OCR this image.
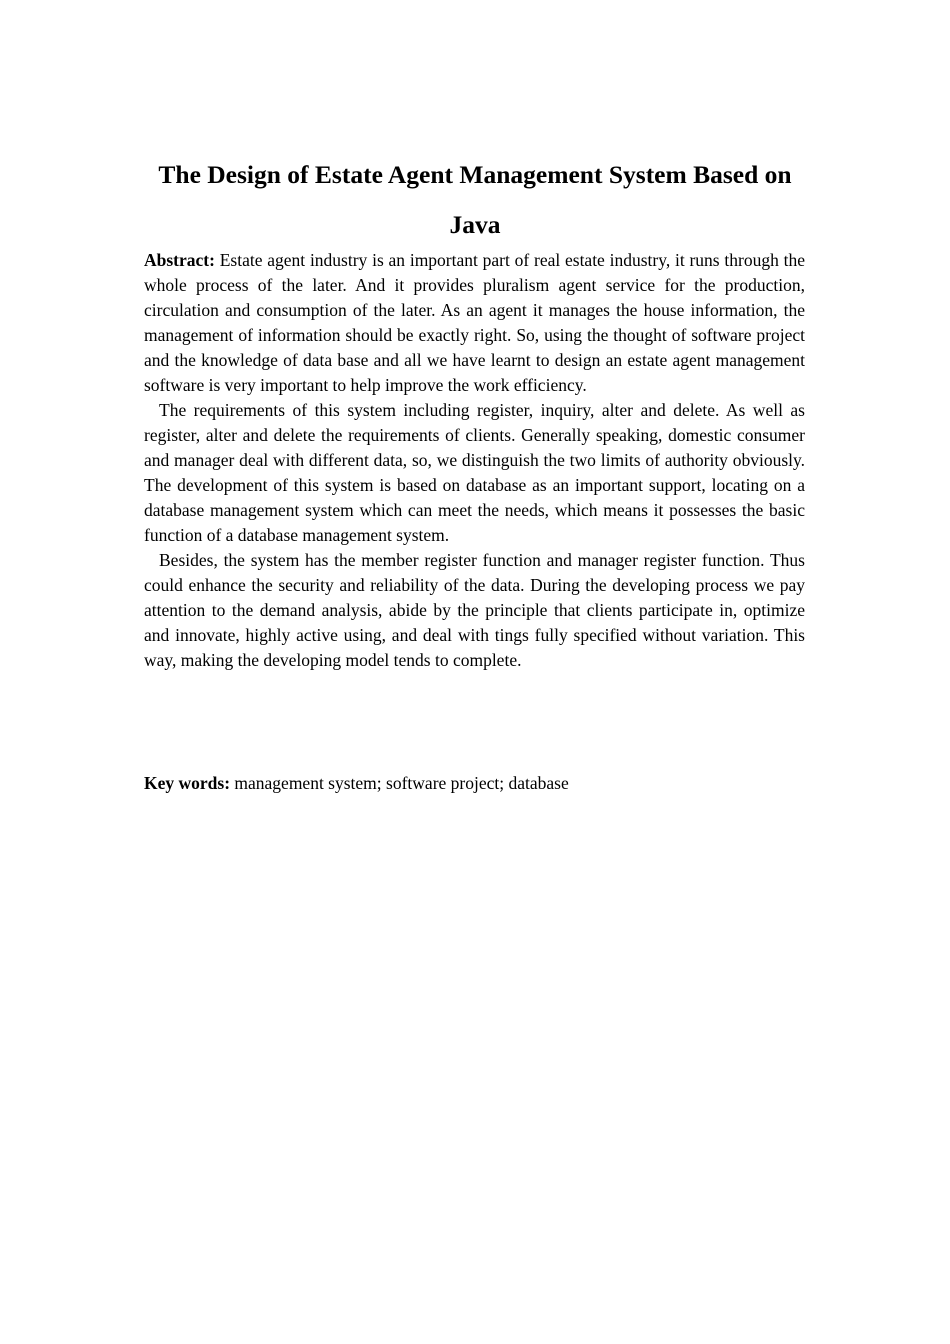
The Design of Estate Agent Management System Based on
Java

Abstract: Estate agent industry is an important part of real estate industry, it runs through the whole process of the later. And it provides pluralism agent service for the production, circulation and consumption of the later. As an agent it manages the house information, the management of information should be exactly right. So, using the thought of software project and the knowledge of data base and all we have learnt to design an estate agent management software is very important to help improve the work efficiency.

The requirements of this system including register, inquiry, alter and delete. As well as register, alter and delete the requirements of clients. Generally speaking, domestic consumer and manager deal with different data, so, we distinguish the two limits of authority obviously. The development of this system is based on database as an important support, locating on a database management system which can meet the needs, which means it possesses the basic function of a database management system.

Besides, the system has the member register function and manager register function. Thus could enhance the security and reliability of the data. During the developing process we pay attention to the demand analysis, abide by the principle that clients participate in, optimize and innovate, highly active using, and deal with tings fully specified without variation. This way, making the developing model tends to complete.

Key words: management system; software project; database
